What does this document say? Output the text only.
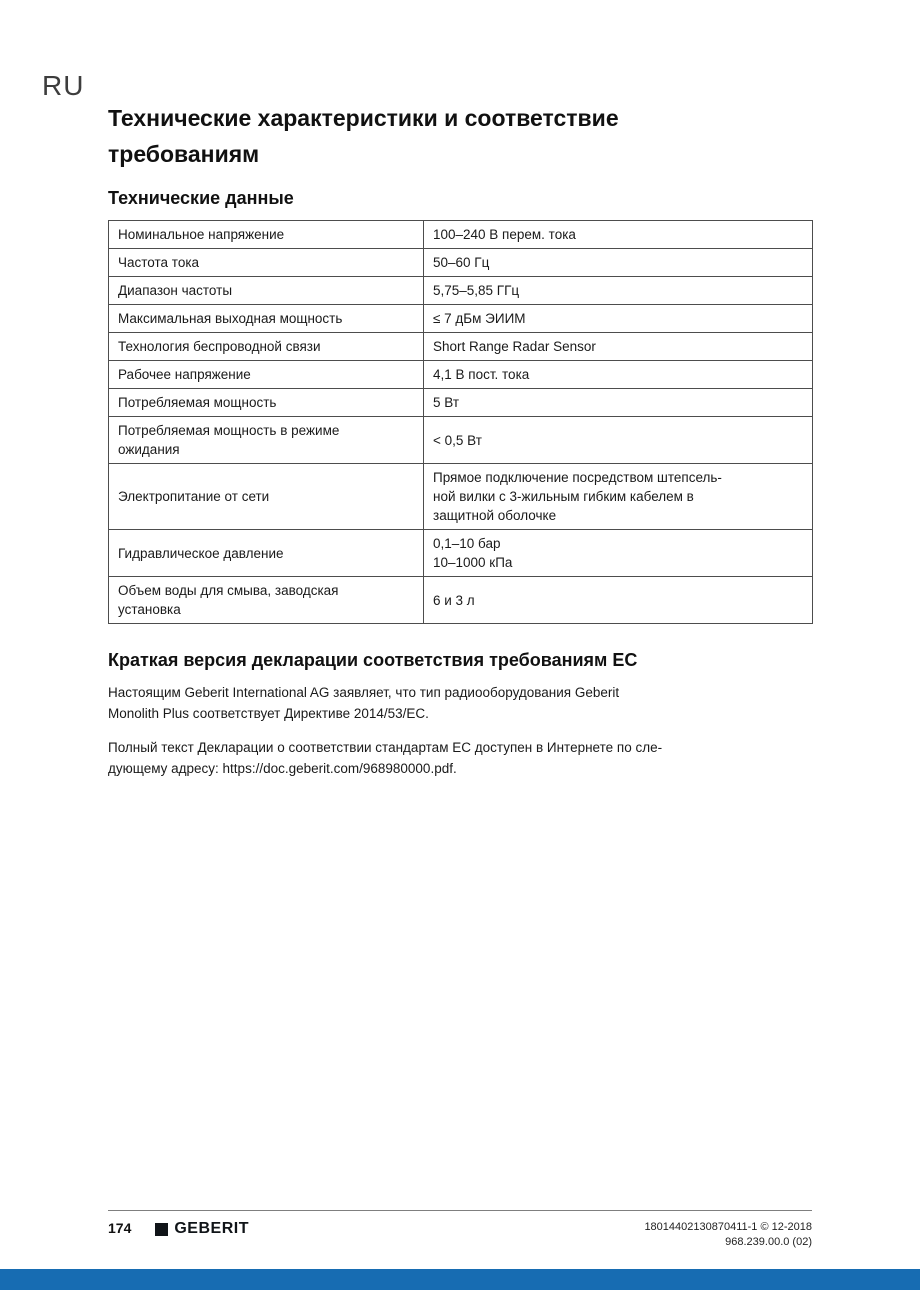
RU
Технические характеристики и соответствие
требованиям
Технические данные
Номинальное напряжение	100–240 В перем. тока
Частота тока	50–60 Гц
Диапазон частоты	5,75–5,85 ГГц
Максимальная выходная мощность	≤ 7 дБм ЭИИМ
Технология беспроводной связи	Short Range Radar Sensor
Рабочее напряжение	4,1 В пост. тока
Потребляемая мощность	5 Вт
Потребляемая мощность в режиме
ожидания	< 0,5 Вт
Электропитание от сети	Прямое подключение посредством штепсель-
ной вилки с 3-жильным гибким кабелем в
защитной оболочке
Гидравлическое давление	0,1–10 бар
10–1000 кПа
Объем воды для смыва, заводская
установка	6 и 3 л
Краткая версия декларации соответствия требованиям ЕС

Настоящим Geberit International AG заявляет, что тип радиооборудования Geberit
Monolith Plus соответствует Директиве 2014/53/ЕС.

Полный текст Декларации о соответствии стандартам ЕС доступен в Интернете по сле-
дующему адресу: https://doc.geberit.com/968980000.pdf.

174	GEBERIT	18014402130870411-1 © 12-2018
968.239.00.0 (02)
